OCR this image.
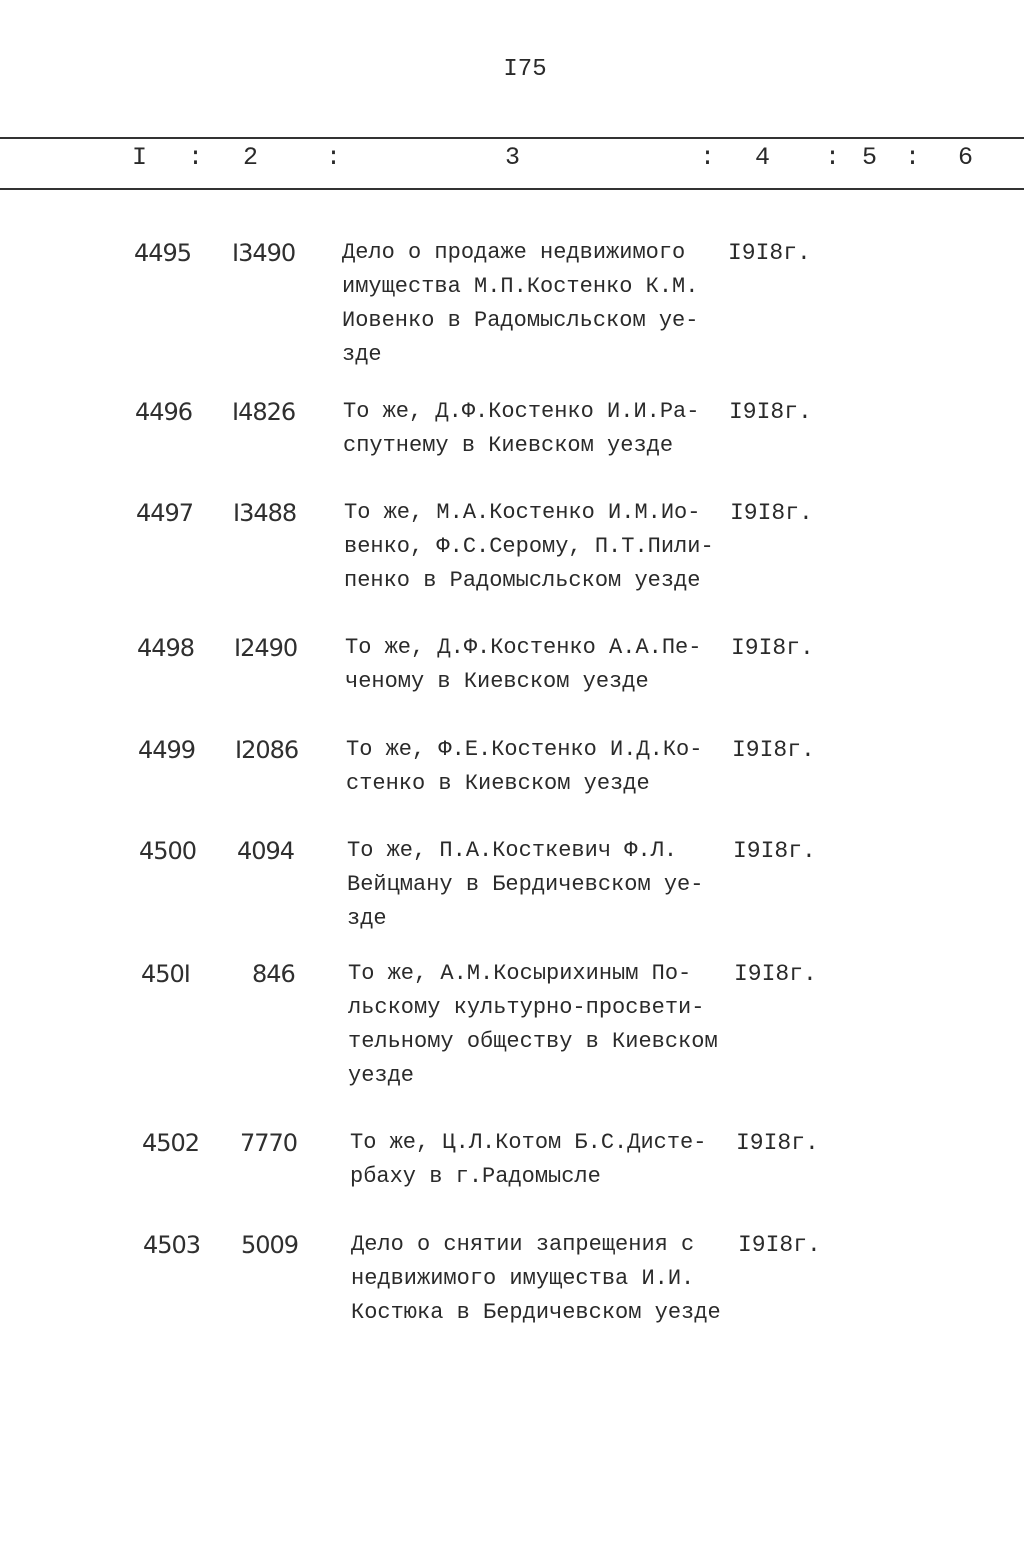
I75
I : 2	:	3	: 4 : 5 : 6
4495 I3490 Дело о продаже недвижимого
имущества М.П.Костенко К.М.
Иовенко в Радомысльском уе-
зде
I9I8г.
4496 I4826 То же, Д.Ф.Костенко И.И.Ра-
спутнему в Киевском уезде
I9I8г.
4497 I3488 То же, М.А.Костенко И.М.Ио-
венко, Ф.С.Серому, П.Т.Пили-
пенко в Радомысльском уезде
I9I8г.
4498 I2490 То же, Д.Ф.Костенко А.А.Пе-
ченому в Киевском уезде
I9I8г.
4499 I2086 То же, Ф.Е.Костенко И.Д.Ко-
стенко в Киевском уезде
I9I8г.
4500 4094 То же, П.А.Косткевич Ф.Л.
Вейцману в Бердичевском уе-
зде
I9I8г.
450I	846 То же, А.М.Косырихиным По-
льскому культурно-просвети-
тельному обществу в Киевском
уезде
I9I8г.
4502 7770 То же, Ц.Л.Котом Б.С.Дисте-
рбаху в г.Радомысле
I9I8г.
4503 5009 Дело о снятии запрещения с
недвижимого имущества И.И.
Костюка в Бердичевском уезде
I9I8г.
